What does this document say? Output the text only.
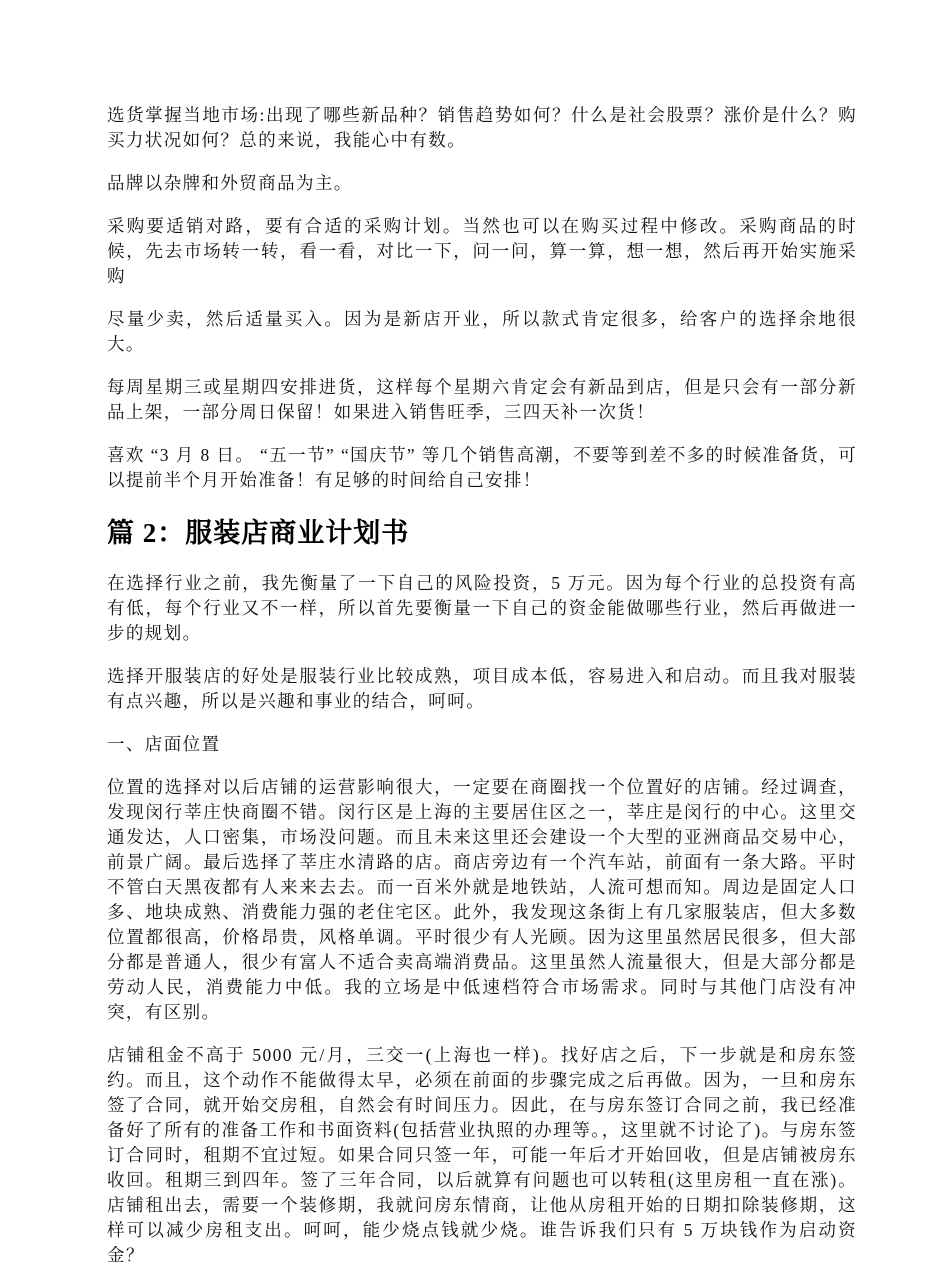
选货掌握当地市场:出现了哪些新品种？销售趋势如何？什么是社会股票？涨价是什么？购买力状况如何？总的来说，我能心中有数。

品牌以杂牌和外贸商品为主。

采购要适销对路，要有合适的采购计划。当然也可以在购买过程中修改。采购商品的时候，先去市场转一转，看一看，对比一下，问一问，算一算，想一想，然后再开始实施采购

尽量少卖，然后适量买入。因为是新店开业，所以款式肯定很多，给客户的选择余地很大。

每周星期三或星期四安排进货，这样每个星期六肯定会有新品到店，但是只会有一部分新品上架，一部分周日保留！如果进入销售旺季，三四天补一次货！

喜欢 “3 月 8 日。 “五一节” “国庆节” 等几个销售高潮，不要等到差不多的时候准备货，可以提前半个月开始准备！有足够的时间给自己安排！

篇 2：服装店商业计划书

在选择行业之前，我先衡量了一下自己的风险投资，5 万元。因为每个行业的总投资有高有低，每个行业又不一样，所以首先要衡量一下自己的资金能做哪些行业，然后再做进一步的规划。

选择开服装店的好处是服装行业比较成熟，项目成本低，容易进入和启动。而且我对服装有点兴趣，所以是兴趣和事业的结合，呵呵。

一、店面位置

位置的选择对以后店铺的运营影响很大，一定要在商圈找一个位置好的店铺。经过调查，发现闵行莘庄快商圈不错。闵行区是上海的主要居住区之一，莘庄是闵行的中心。这里交通发达，人口密集，市场没问题。而且未来这里还会建设一个大型的亚洲商品交易中心，前景广阔。最后选择了莘庄水清路的店。商店旁边有一个汽车站，前面有一条大路。平时不管白天黑夜都有人来来去去。而一百米外就是地铁站，人流可想而知。周边是固定人口多、地块成熟、消费能力强的老住宅区。此外，我发现这条街上有几家服装店，但大多数位置都很高，价格昂贵，风格单调。平时很少有人光顾。因为这里虽然居民很多，但大部分都是普通人，很少有富人不适合卖高端消费品。这里虽然人流量很大，但是大部分都是劳动人民，消费能力中低。我的立场是中低速档符合市场需求。同时与其他门店没有冲突，有区别。

店铺租金不高于 5000 元/月，三交一(上海也一样)。找好店之后，下一步就是和房东签约。而且，这个动作不能做得太早，必须在前面的步骤完成之后再做。因为，一旦和房东签了合同，就开始交房租，自然会有时间压力。因此，在与房东签订合同之前，我已经准备好了所有的准备工作和书面资料(包括营业执照的办理等。，这里就不讨论了)。与房东签订合同时，租期不宜过短。如果合同只签一年，可能一年后才开始回收，但是店铺被房东收回。租期三到四年。签了三年合同，以后就算有问题也可以转租(这里房租一直在涨)。店铺租出去，需要一个装修期，我就问房东情商，让他从房租开始的日期扣除装修期，这样可以减少房租支出。呵呵，能少烧点钱就少烧。谁告诉我们只有 5 万块钱作为启动资金？
